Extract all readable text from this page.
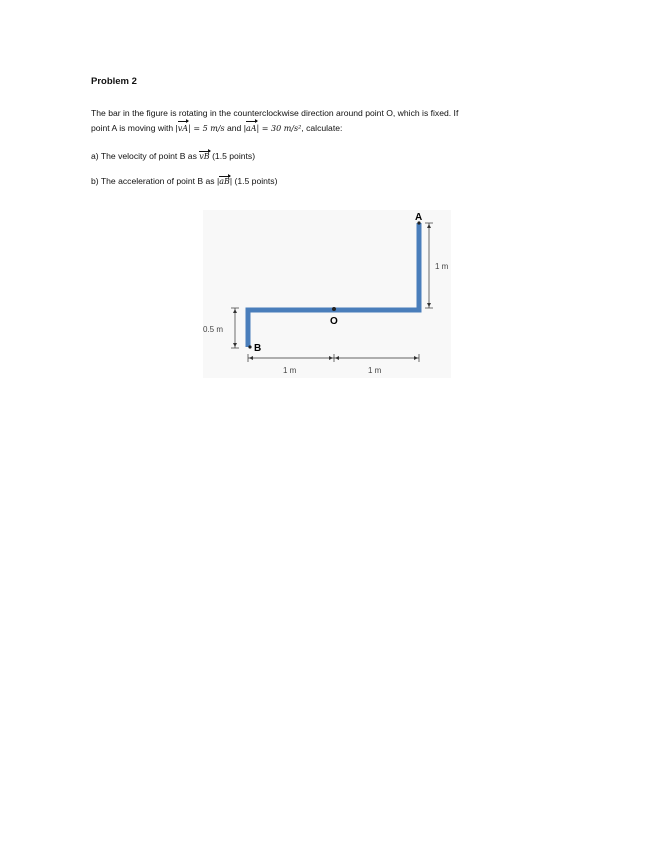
Problem 2
The bar in the figure is rotating in the counterclockwise direction around point O, which is fixed. If
point A is moving with |vA| = 5 m/s and |aA| = 30 m/s², calculate:
a) The velocity of point B as vB (1.5 points)
b) The acceleration of point B as |aB| (1.5 points)
A
O
B
1 m
0.5 m
1 m	1 m
